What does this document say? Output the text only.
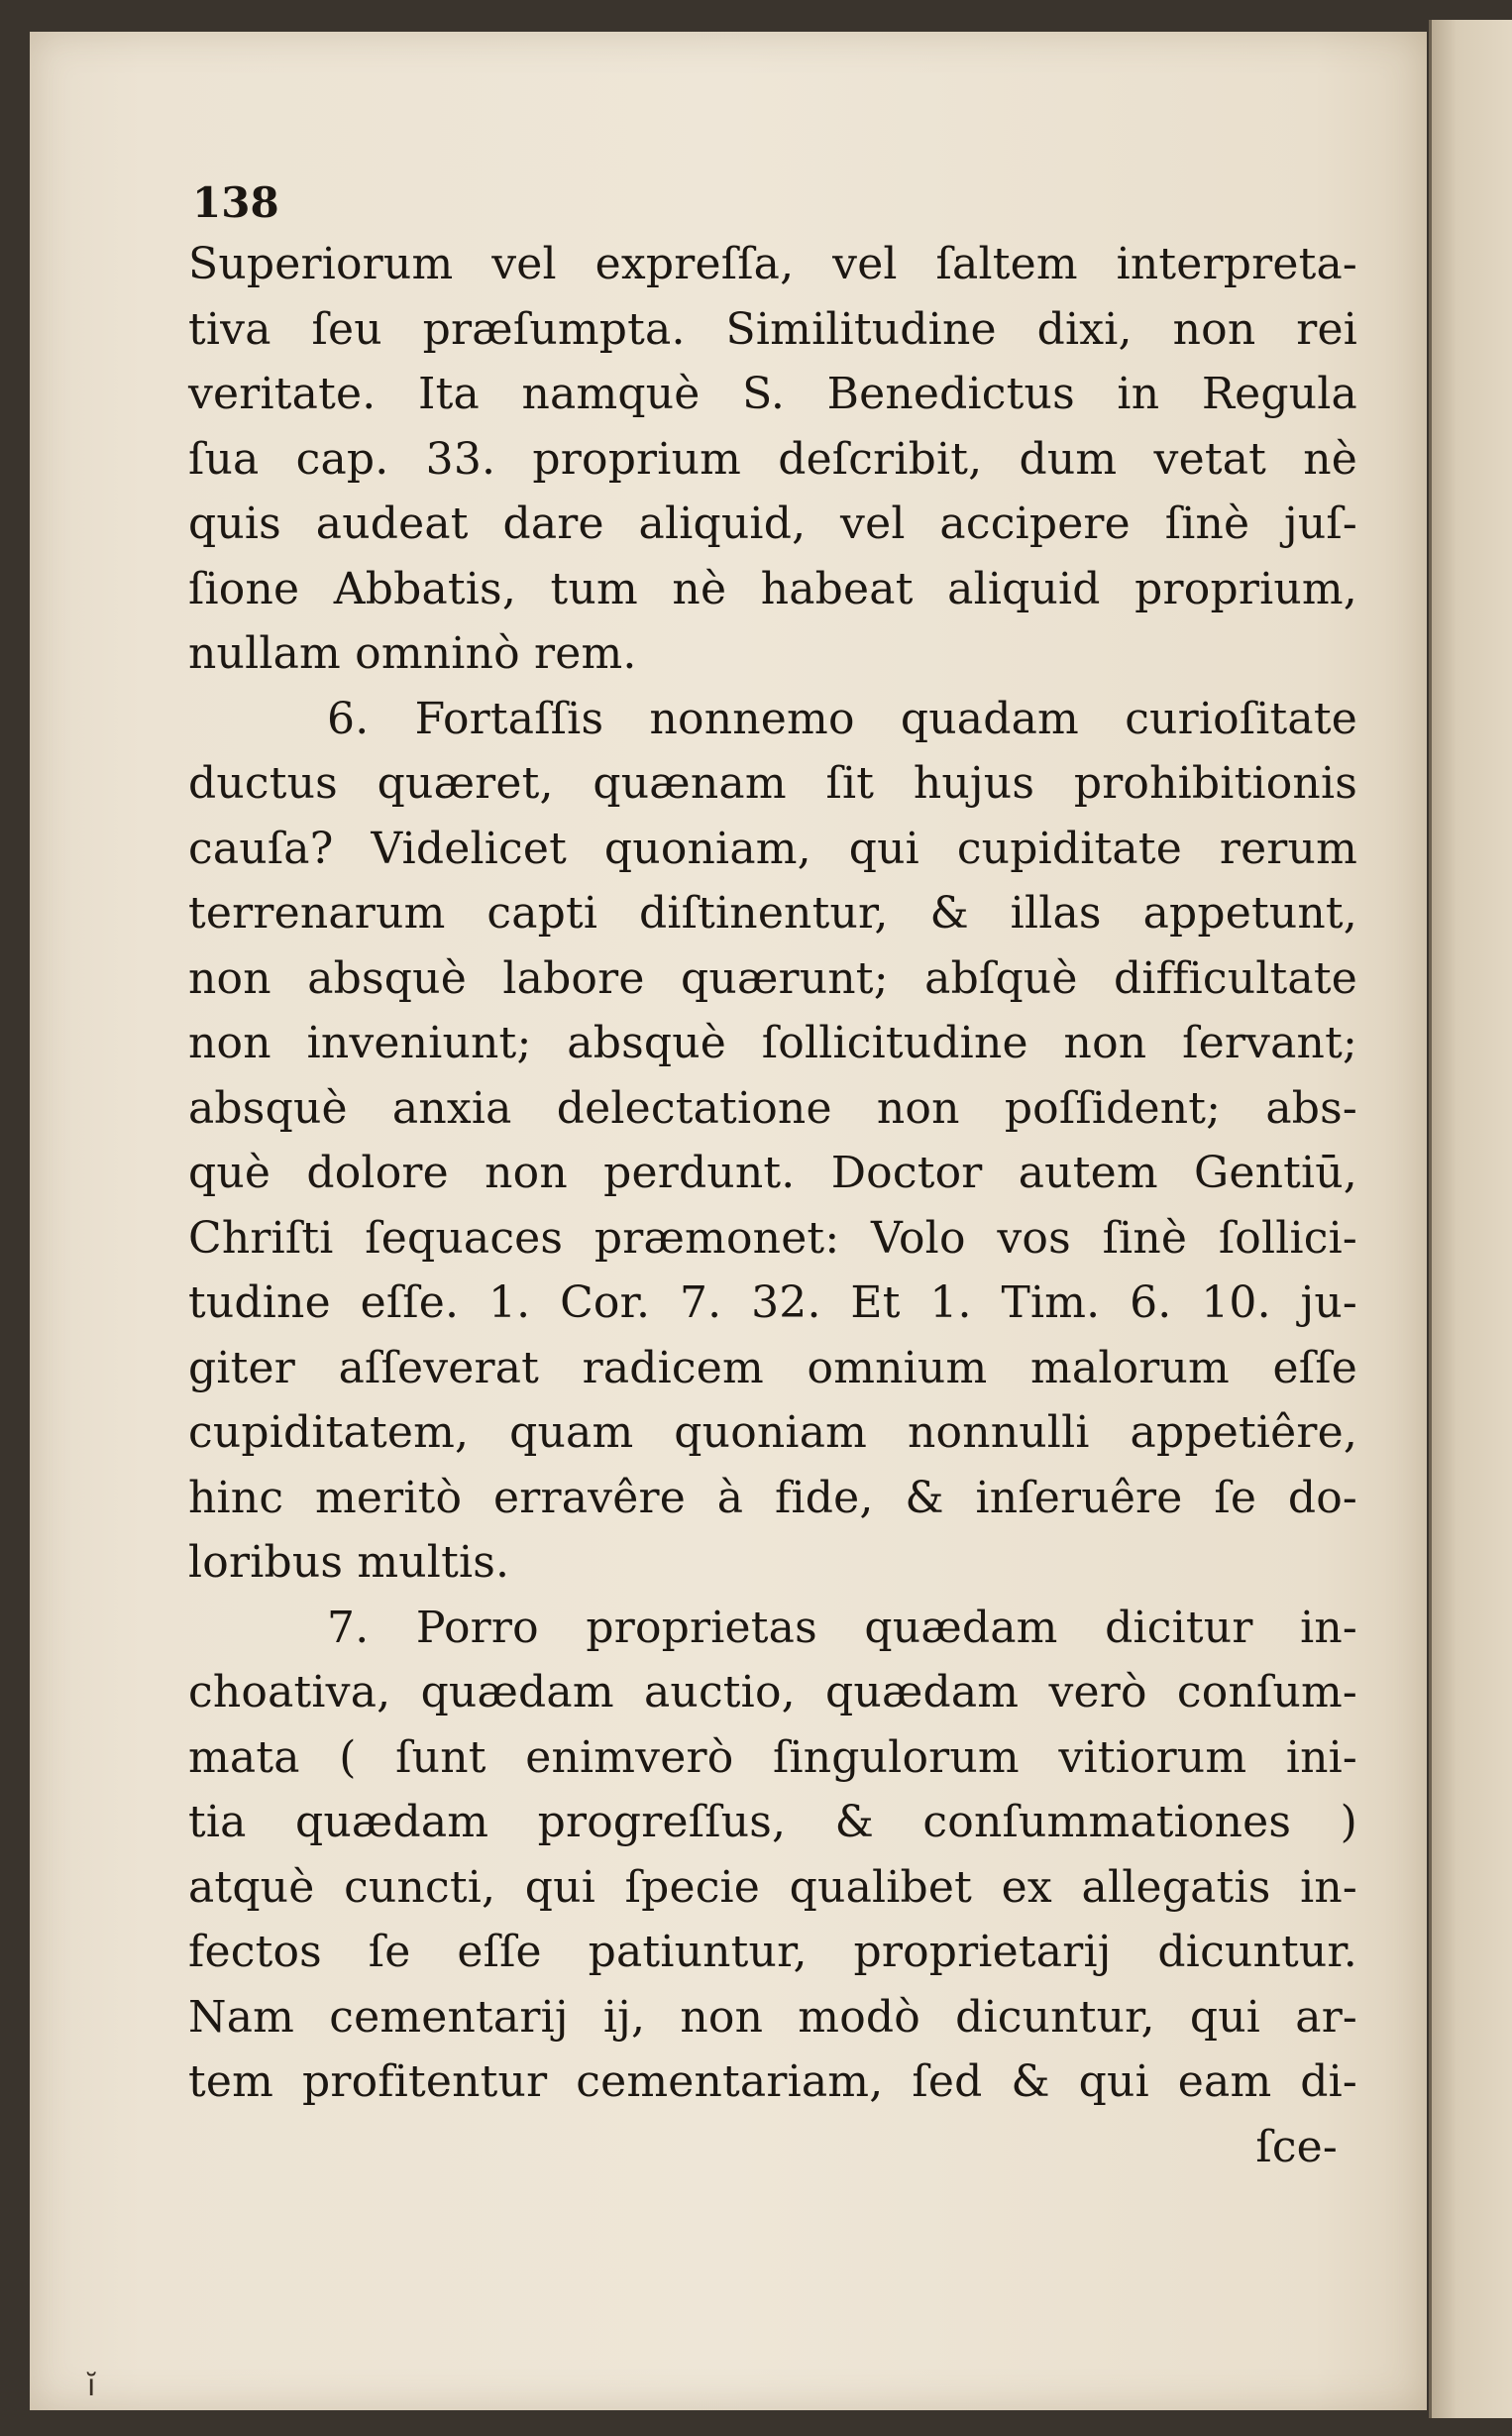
138
Superiorum vel expreſſa, vel ſaltem interpreta-
tiva ſeu præſumpta. Similitudine dixi, non rei
veritate. Ita namquè S. Benedictus in Regula
ſua cap. 33. proprium deſcribit, dum vetat nè
quis audeat dare aliquid, vel accipere ſinè juſ-
ſione Abbatis, tum nè habeat aliquid proprium,
nullam omninò rem.
6. Fortaſſis nonnemo quadam curioſitate
ductus quæret, quænam ſit hujus prohibitionis
cauſa? Videlicet quoniam, qui cupiditate rerum
terrenarum capti diſtinentur, & illas appetunt,
non absquè labore quærunt; abſquè difficultate
non inveniunt; absquè ſollicitudine non ſervant;
absquè anxia delectatione non poſſident; abs-
què dolore non perdunt. Doctor autem Gentiū,
Chriſti ſequaces præmonet: Volo vos ſinè ſollici-
tudine eſſe. 1. Cor. 7. 32. Et 1. Tim. 6. 10. ju-
giter aſſeverat radicem omnium malorum eſſe
cupiditatem, quam quoniam nonnulli appetiêre,
hinc meritò erravêre à fide, & inſeruêre ſe do-
loribus multis.
7. Porro proprietas quædam dicitur in-
choativa, quædam auctio, quædam verò conſum-
mata ( ſunt enimverò ſingulorum vitiorum ini-
tia quædam progreſſus, & conſummationes )
atquè cuncti, qui ſpecie qualibet ex allegatis in-
fectos ſe eſſe patiuntur, proprietarij dicuntur.
Nam cementarij ij, non modò dicuntur, qui ar-
tem profitentur cementariam, ſed & qui eam di-
ſce-
ĭ
